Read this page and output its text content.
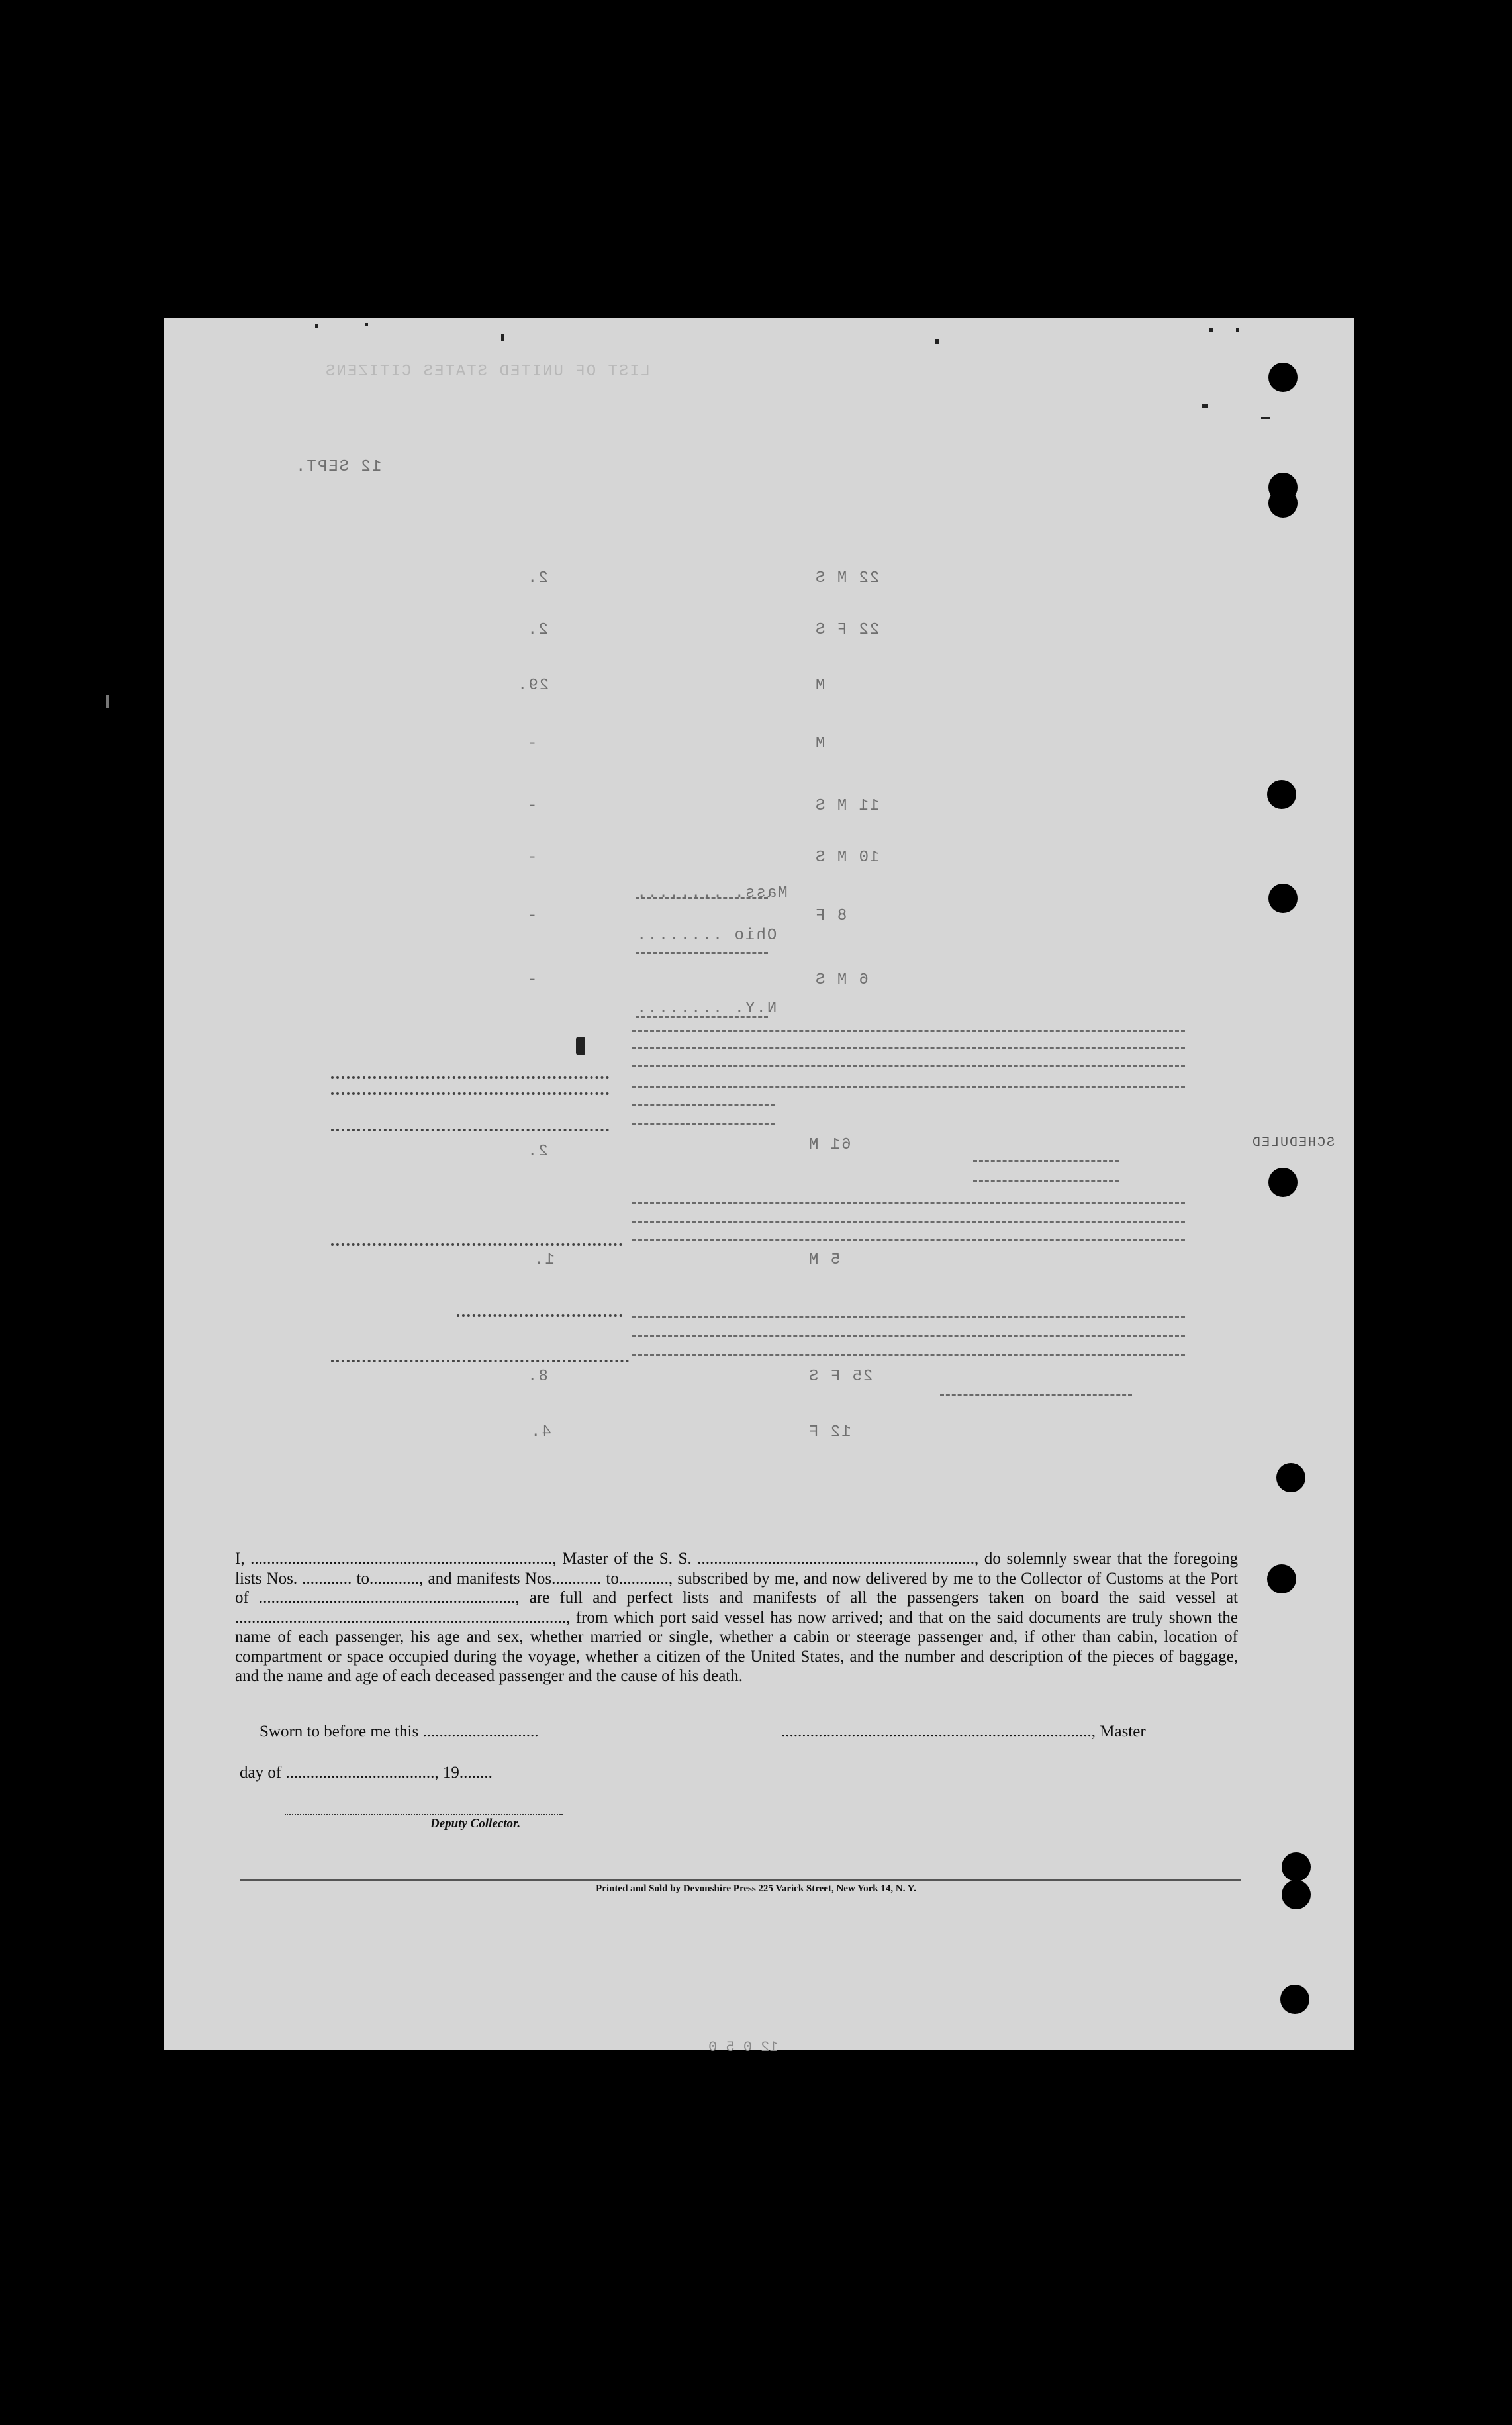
LIST OF UNITED STATES CITIZENS
12 SEPT.
SCHEDULED
2.
2.
29.
-
-
-
-
-
2.
1.
8.
4.
Mass. ........
Ohio ........
N.Y. ........
22 M S
22 F S
M
M
11 M S
10 M S
8 F
6 M S
61 M
5 M
25 F S
12 F

I, ........................................................................., Master of the S. S. ..................................................................., do solemnly swear that the foregoing lists Nos. ............ to............, and manifests Nos............ to............, subscribed by me, and now delivered by me to the Collector of Customs at the Port of .............................................................., are full and perfect lists and manifests of all the passengers taken on board the said vessel at ................................................................................, from which port said vessel has now arrived; and that on the said documents are truly shown the name of each passenger, his age and sex, whether married or single, whether a cabin or steerage passenger and, if other than cabin, location of compartment or space occupied during the voyage, whether a citizen of the United States, and the number and description of the pieces of baggage, and the name and age of each deceased passenger and the cause of his death.

Sworn to before me this ............................	..........................................................................., Master
day of ...................................., 19........
Deputy Collector.
Printed and Sold by Devonshire Press 225 Varick Street, New York 14, N. Y.
12 0 5 0
